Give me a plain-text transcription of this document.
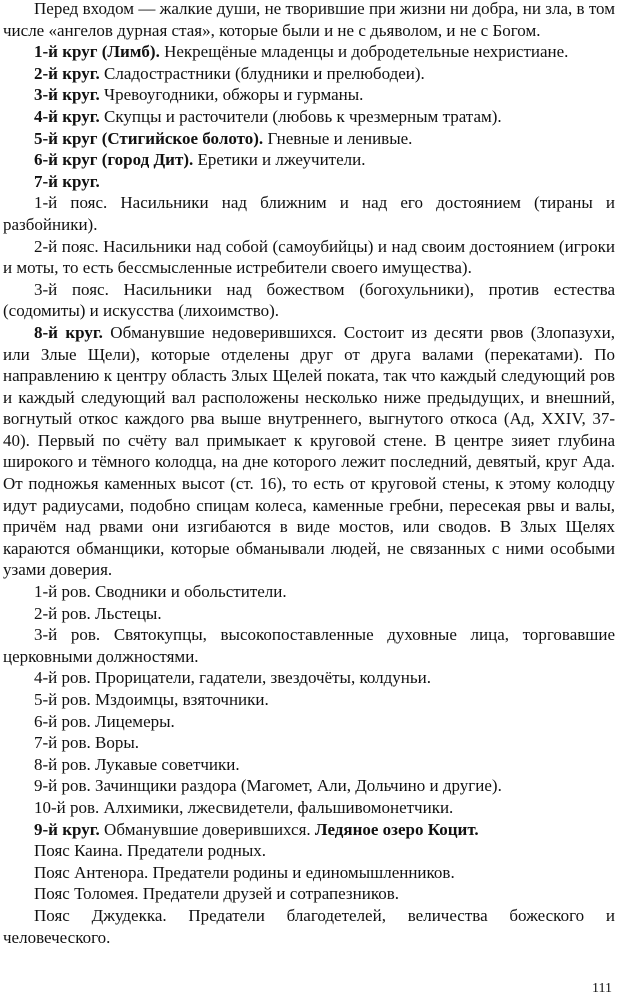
Перед входом — жалкие души, не творившие при жизни ни добра, ни зла, в том числе «ангелов дурная стая», которые были и не с дьяволом, и не с Богом.

1-й круг (Лимб). Некрещёные младенцы и добродетельные нехристиане.

2-й круг. Сладострастники (блудники и прелюбодеи).

3-й круг. Чревоугодники, обжоры и гурманы.

4-й круг. Скупцы и расточители (любовь к чрезмерным тратам).

5-й круг (Стигийское болото). Гневные и ленивые.

6-й круг (город Дит). Еретики и лжеучители.

7-й круг.

1-й пояс. Насильники над ближним и над его достоянием (тираны и разбойники).

2-й пояс. Насильники над собой (самоубийцы) и над своим достоянием (игроки и моты, то есть бессмысленные истребители своего имущества).

3-й пояс. Насильники над божеством (богохульники), против естества (содомиты) и искусства (лихоимство).

8-й круг. Обманувшие недоверившихся. Состоит из десяти рвов (Злопазухи, или Злые Щели), которые отделены друг от друга валами (перекатами). По направлению к центру область Злых Щелей поката, так что каждый следующий ров и каждый следующий вал расположены несколько ниже предыдущих, и внешний, вогнутый откос каждого рва выше внутреннего, выгнутого откоса (Ад, XXIV, 37-40). Первый по счёту вал примыкает к круговой стене. В центре зияет глубина широкого и тёмного колодца, на дне которого лежит последний, девятый, круг Ада. От подножья каменных высот (ст. 16), то есть от круговой стены, к этому колодцу идут радиусами, подобно спицам колеса, каменные гребни, пересекая рвы и валы, причём над рвами они изгибаются в виде мостов, или сводов. В Злых Щелях караются обманщики, которые обманывали людей, не связанных с ними особыми узами доверия.

1-й ров. Сводники и обольстители.

2-й ров. Льстецы.

3-й ров. Святокупцы, высокопоставленные духовные лица, торговавшие церковными должностями.

4-й ров. Прорицатели, гадатели, звездочёты, колдуньи.

5-й ров. Мздоимцы, взяточники.

6-й ров. Лицемеры.

7-й ров. Воры.

8-й ров. Лукавые советчики.

9-й ров. Зачинщики раздора (Магомет, Али, Дольчино и другие).

10-й ров. Алхимики, лжесвидетели, фальшивомонетчики.

9-й круг. Обманувшие доверившихся. Ледяное озеро Коцит.

Пояс Каина. Предатели родных.

Пояс Антенора. Предатели родины и единомышленников.

Пояс Толомея. Предатели друзей и сотрапезников.

Пояс Джудекка. Предатели благодетелей, величества божеского и человеческого.

111
